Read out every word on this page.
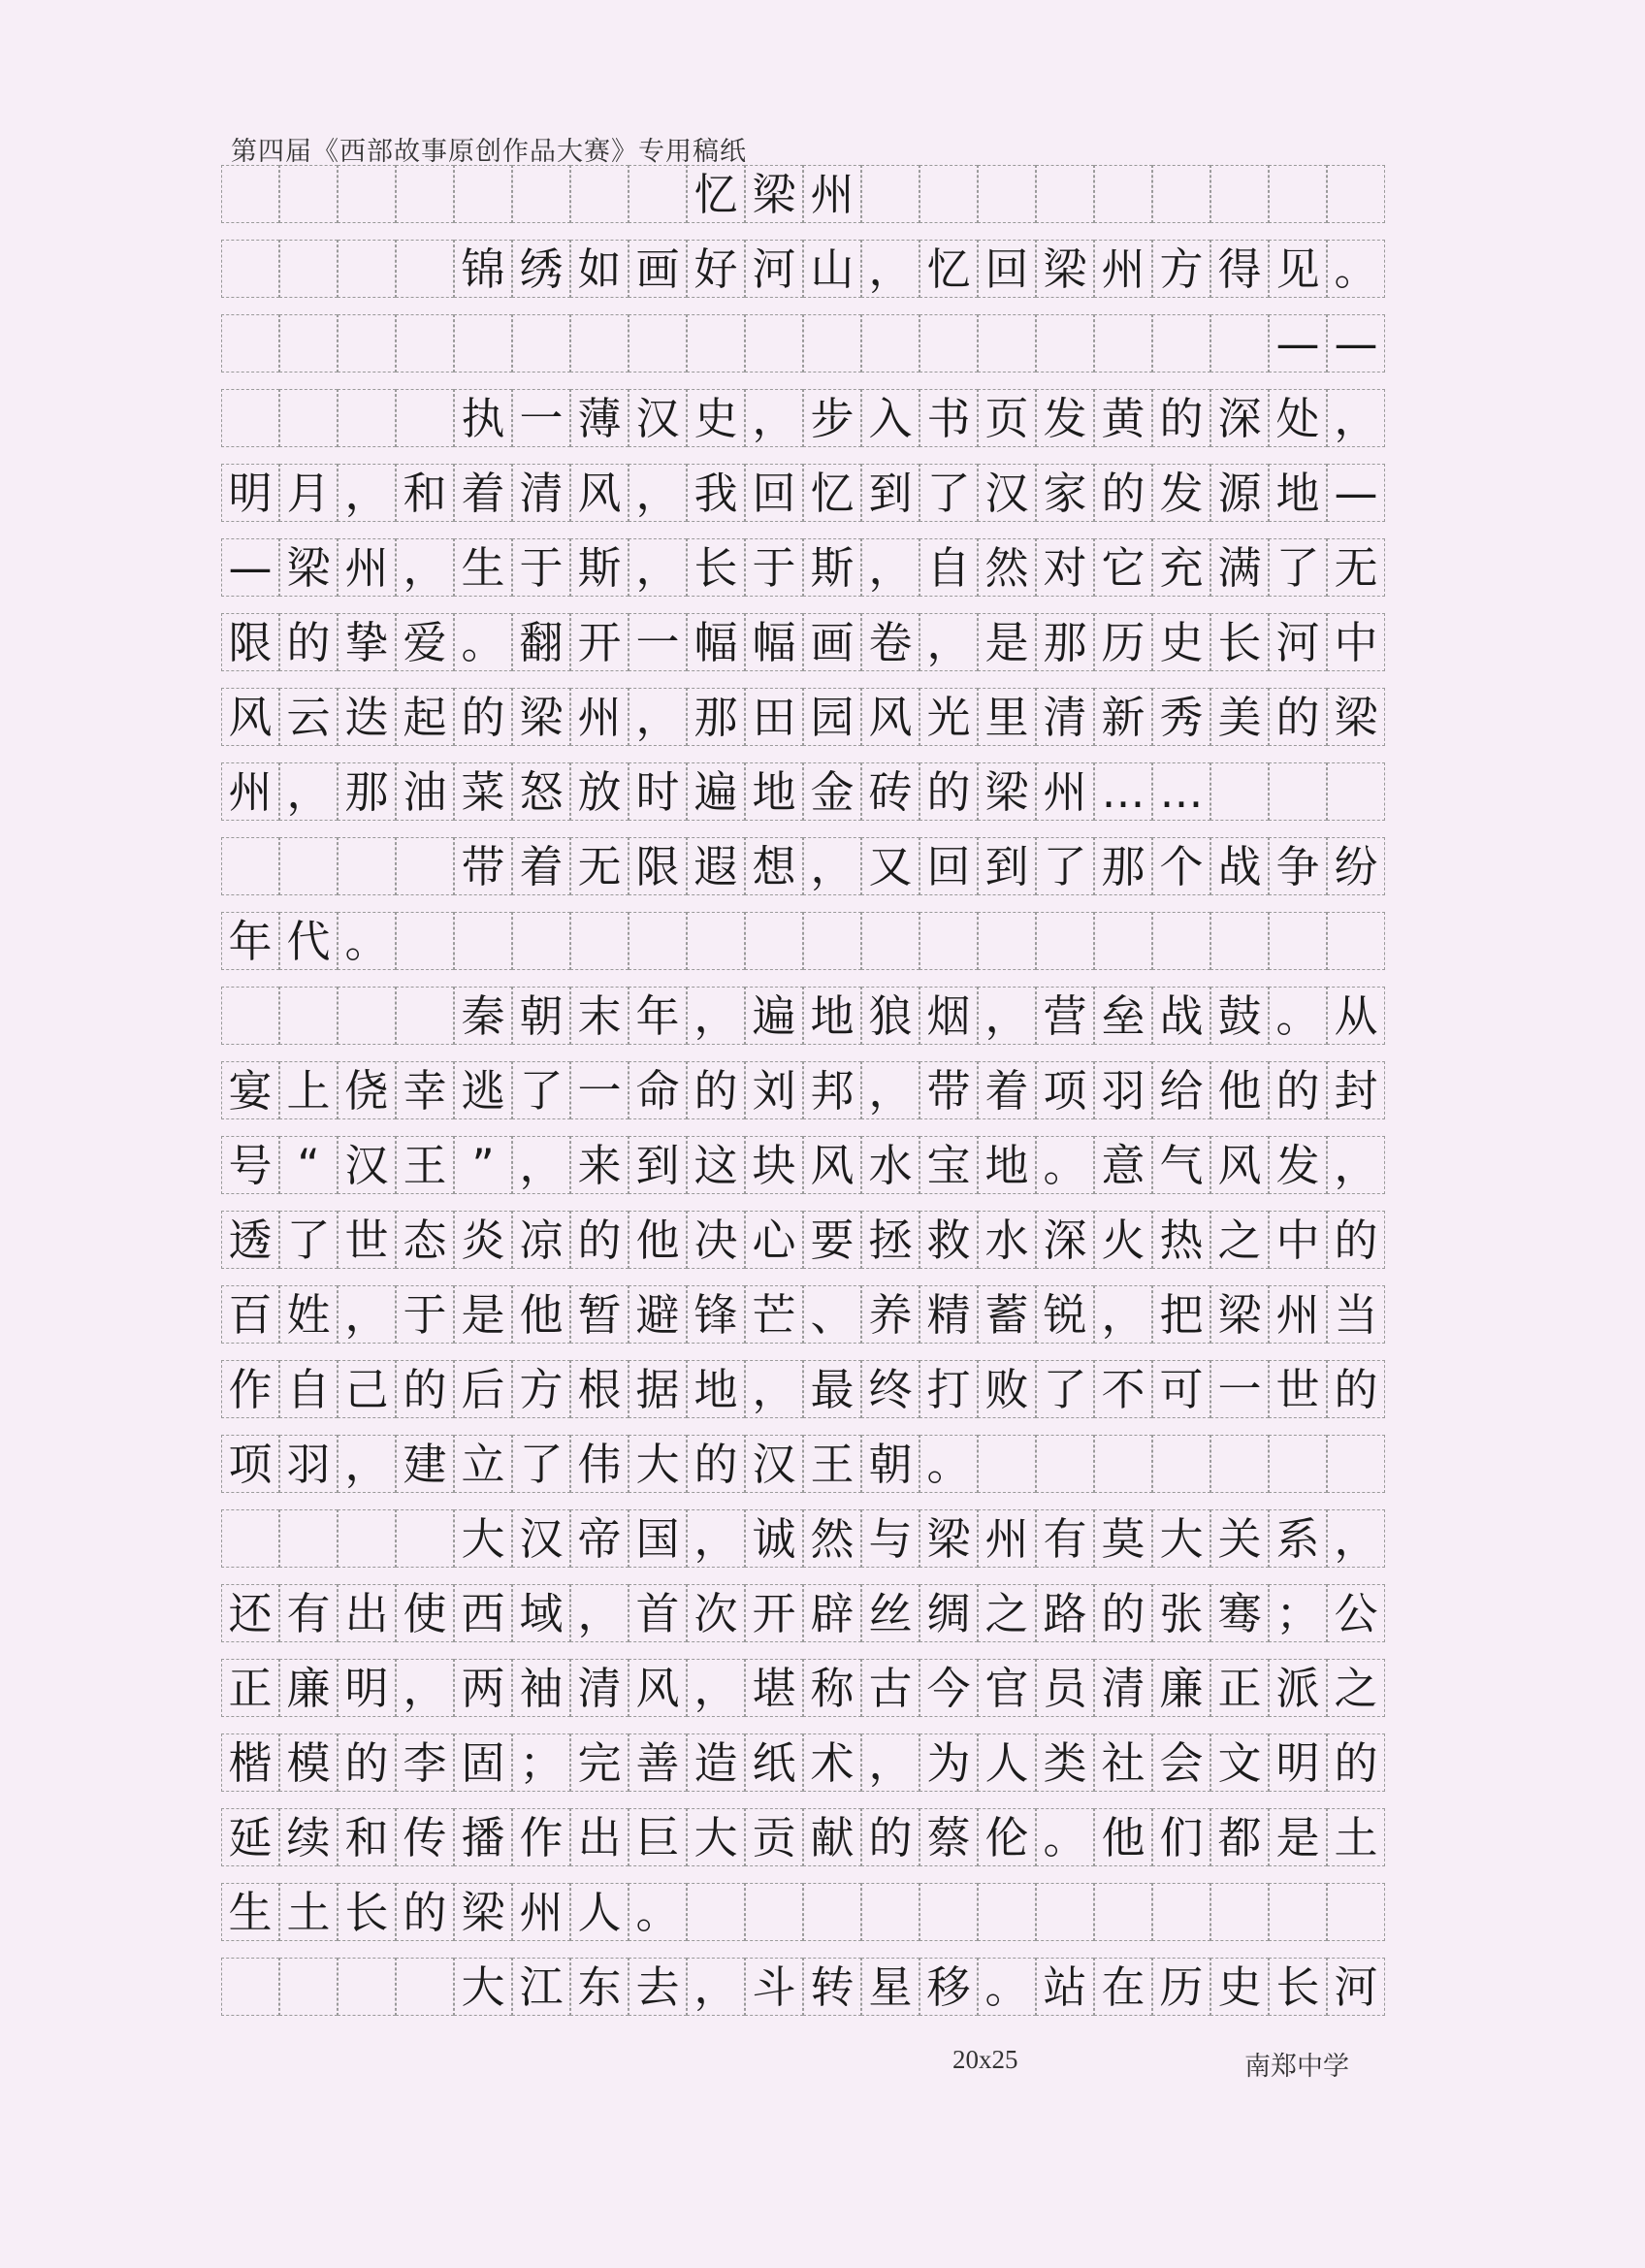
第四届《西部故事原创作品大赛》专用稿纸
忆 梁 州
锦 绣 如 画 好 河 山 ， 忆 回 梁 州 方 得 见 。
— —
执 一 薄 汉 史 ， 步 入 书 页 发 黄 的 深 处 ，
明 月 ， 和 着 清 风 ， 我 回 忆 到 了 汉 家 的 发 源 地 —
— 梁 州 ， 生 于 斯 ， 长 于 斯 ， 自 然 对 它 充 满 了 无
限 的 挚 爱 。 翻 开 一 幅 幅 画 卷 ， 是 那 历 史 长 河 中
风 云 迭 起 的 梁 州 ， 那 田 园 风 光 里 清 新 秀 美 的 梁
州 ， 那 油 菜 怒 放 时 遍 地 金 砖 的 梁 州 … …
带 着 无 限 遐 想 ， 又 回 到 了 那 个 战 争 纷
年 代 。
秦 朝 末 年 ， 遍 地 狼 烟 ， 营 垒 战 鼓 。 从
宴 上 侥 幸 逃 了 一 命 的 刘 邦 ， 带 着 项 羽 给 他 的 封
号 “ 汉 王 ” ， 来 到 这 块 风 水 宝 地 。 意 气 风 发 ，
透 了 世 态 炎 凉 的 他 决 心 要 拯 救 水 深 火 热 之 中 的
百 姓 ， 于 是 他 暂 避 锋 芒 、 养 精 蓄 锐 ， 把 梁 州 当
作 自 己 的 后 方 根 据 地 ， 最 终 打 败 了 不 可 一 世 的
项 羽 ， 建 立 了 伟 大 的 汉 王 朝 。
大 汉 帝 国 ， 诚 然 与 梁 州 有 莫 大 关 系 ，
还 有 出 使 西 域 ， 首 次 开 辟 丝 绸 之 路 的 张 骞 ； 公
正 廉 明 ， 两 袖 清 风 ， 堪 称 古 今 官 员 清 廉 正 派 之
楷 模 的 李 固 ； 完 善 造 纸 术 ， 为 人 类 社 会 文 明 的
延 续 和 传 播 作 出 巨 大 贡 献 的 蔡 伦 。 他 们 都 是 土
生 土 长 的 梁 州 人 。
大 江 东 去 ， 斗 转 星 移 。 站 在 历 史 长 河
20x25	南郑中学
